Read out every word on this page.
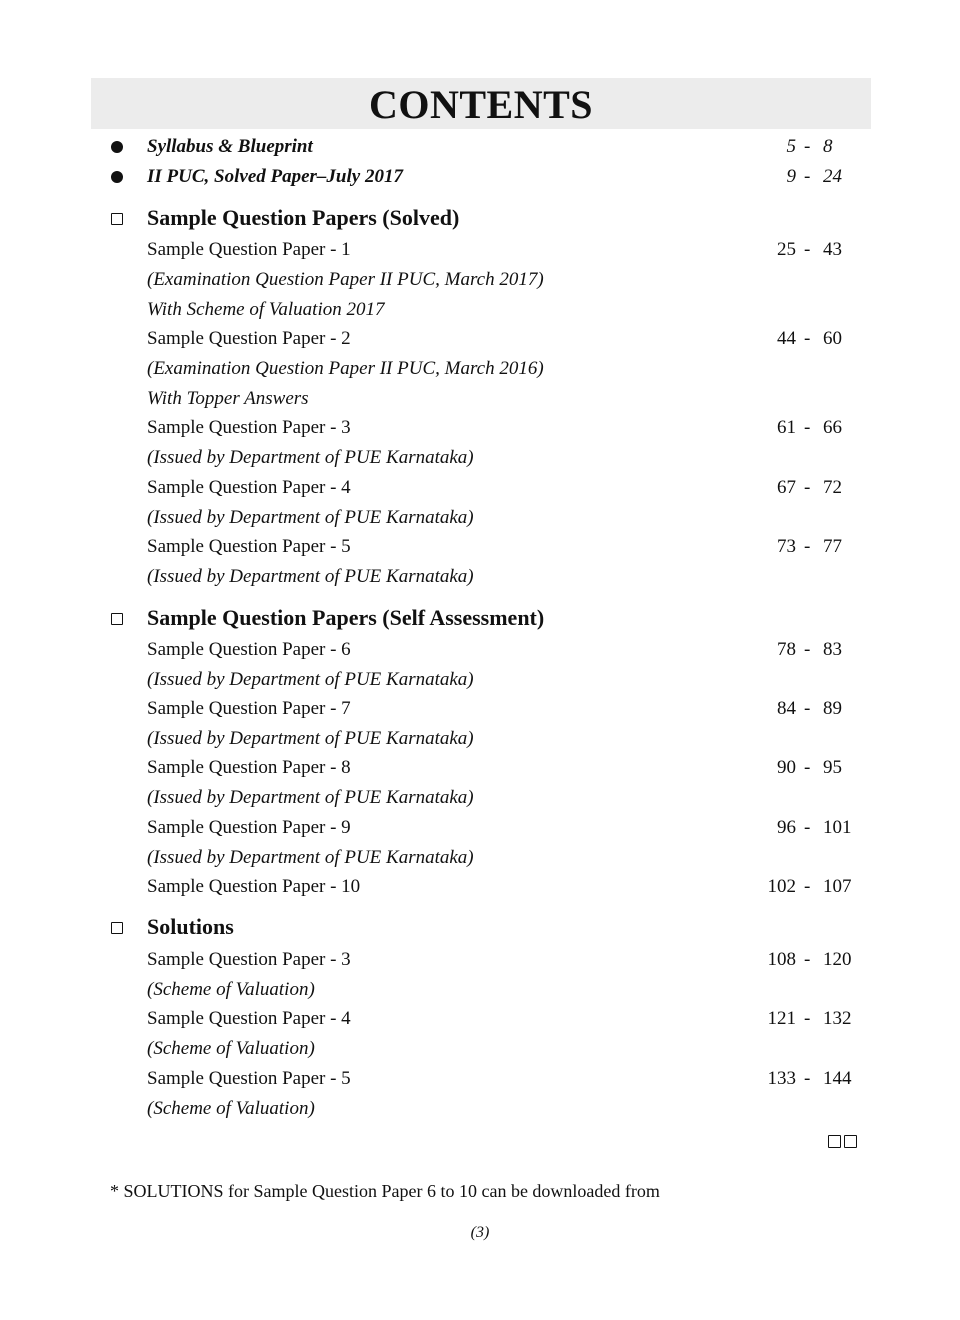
CONTENTS
Syllabus & Blueprint	5 - 8
II PUC, Solved Paper–July 2017	9 - 24
Sample Question Papers (Solved)
Sample Question Paper - 1	25 - 43
(Examination Question Paper II PUC, March 2017)
With Scheme of Valuation 2017
Sample Question Paper - 2	44 - 60
(Examination Question Paper II PUC, March 2016)
With Topper Answers
Sample Question Paper - 3	61 - 66
(Issued by Department of PUE Karnataka)
Sample Question Paper - 4	67 - 72
(Issued by Department of PUE Karnataka)
Sample Question Paper - 5	73 - 77
(Issued by Department of PUE Karnataka)
Sample Question Papers (Self Assessment)
Sample Question Paper - 6	78 - 83
(Issued by Department of PUE Karnataka)
Sample Question Paper - 7	84 - 89
(Issued by Department of PUE Karnataka)
Sample Question Paper - 8	90 - 95
(Issued by Department of PUE Karnataka)
Sample Question Paper - 9	96 - 101
(Issued by Department of PUE Karnataka)
Sample Question Paper - 10	102 - 107
Solutions
Sample Question Paper - 3	108 - 120
(Scheme of Valuation)
Sample Question Paper - 4	121 - 132
(Scheme of Valuation)
Sample Question Paper - 5	133 - 144
(Scheme of Valuation)
* SOLUTIONS for Sample Question Paper 6 to 10 can be downloaded from
(3)
